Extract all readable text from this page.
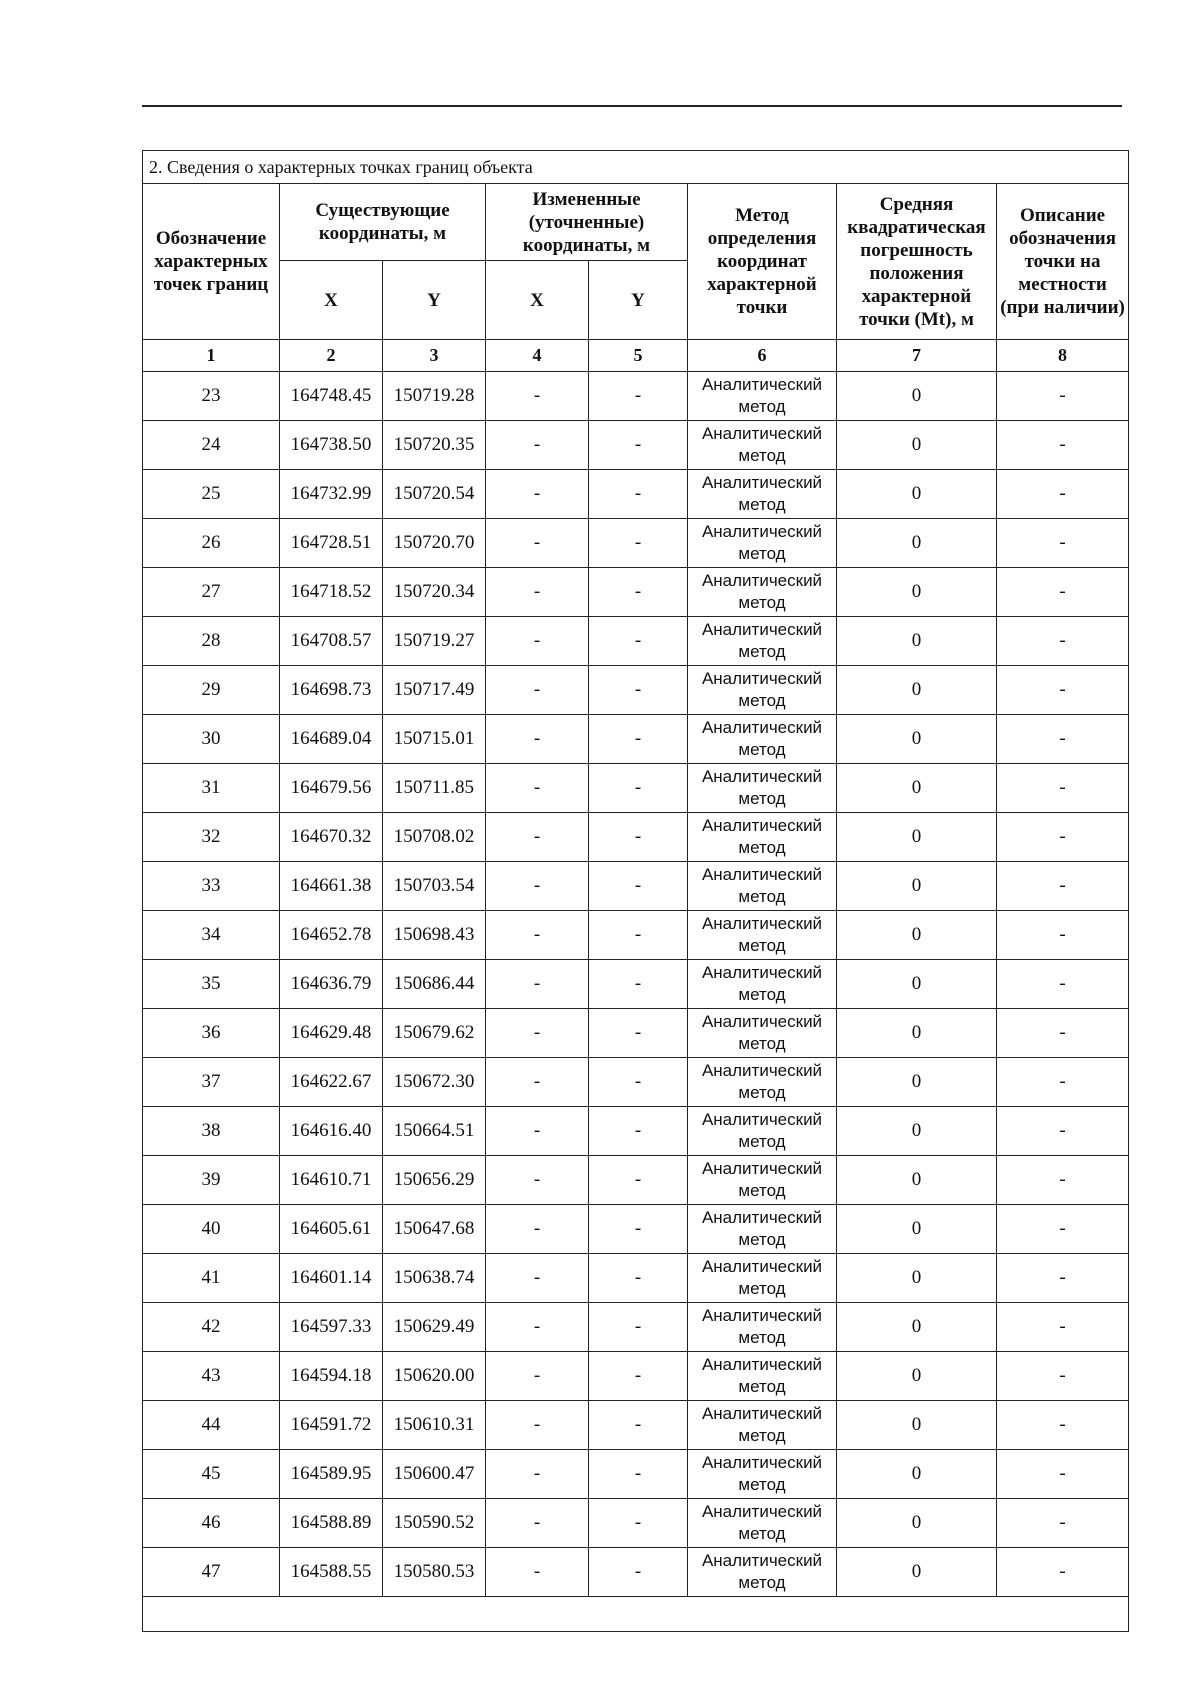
2. Сведения о характерных точках границ объекта							
Обозначение характерных точек границ	Существующие координаты, м		Измененные (уточненные) координаты, м		Метод определения координат характерной точки	Средняя квадратическая погрешность положения характерной точки (Mt), м	Описание обозначения точки на местности (при наличии)
	X	Y	X	Y			
1	2	3	4	5	6	7	8
23	164748.45	150719.28	-	-	Аналитический метод	0	-
24	164738.50	150720.35	-	-	Аналитический метод	0	-
25	164732.99	150720.54	-	-	Аналитический метод	0	-
26	164728.51	150720.70	-	-	Аналитический метод	0	-
27	164718.52	150720.34	-	-	Аналитический метод	0	-
28	164708.57	150719.27	-	-	Аналитический метод	0	-
29	164698.73	150717.49	-	-	Аналитический метод	0	-
30	164689.04	150715.01	-	-	Аналитический метод	0	-
31	164679.56	150711.85	-	-	Аналитический метод	0	-
32	164670.32	150708.02	-	-	Аналитический метод	0	-
33	164661.38	150703.54	-	-	Аналитический метод	0	-
34	164652.78	150698.43	-	-	Аналитический метод	0	-
35	164636.79	150686.44	-	-	Аналитический метод	0	-
36	164629.48	150679.62	-	-	Аналитический метод	0	-
37	164622.67	150672.30	-	-	Аналитический метод	0	-
38	164616.40	150664.51	-	-	Аналитический метод	0	-
39	164610.71	150656.29	-	-	Аналитический метод	0	-
40	164605.61	150647.68	-	-	Аналитический метод	0	-
41	164601.14	150638.74	-	-	Аналитический метод	0	-
42	164597.33	150629.49	-	-	Аналитический метод	0	-
43	164594.18	150620.00	-	-	Аналитический метод	0	-
44	164591.72	150610.31	-	-	Аналитический метод	0	-
45	164589.95	150600.47	-	-	Аналитический метод	0	-
46	164588.89	150590.52	-	-	Аналитический метод	0	-
47	164588.55	150580.53	-	-	Аналитический метод	0	-
